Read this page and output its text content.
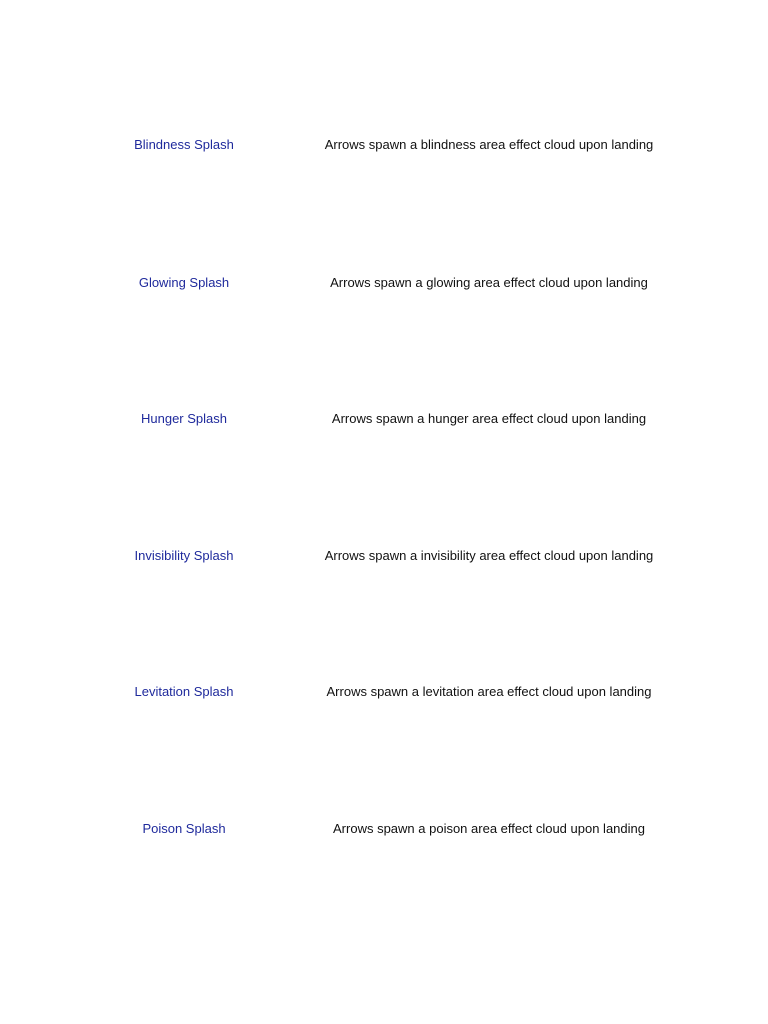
Blindness Splash	Arrows spawn a blindness area effect cloud upon landing
Glowing Splash	Arrows spawn a glowing area effect cloud upon landing
Hunger Splash	Arrows spawn a hunger area effect cloud upon landing
Invisibility Splash	Arrows spawn a invisibility area effect cloud upon landing
Levitation Splash	Arrows spawn a levitation area effect cloud upon landing
Poison Splash	Arrows spawn a poison area effect cloud upon landing
